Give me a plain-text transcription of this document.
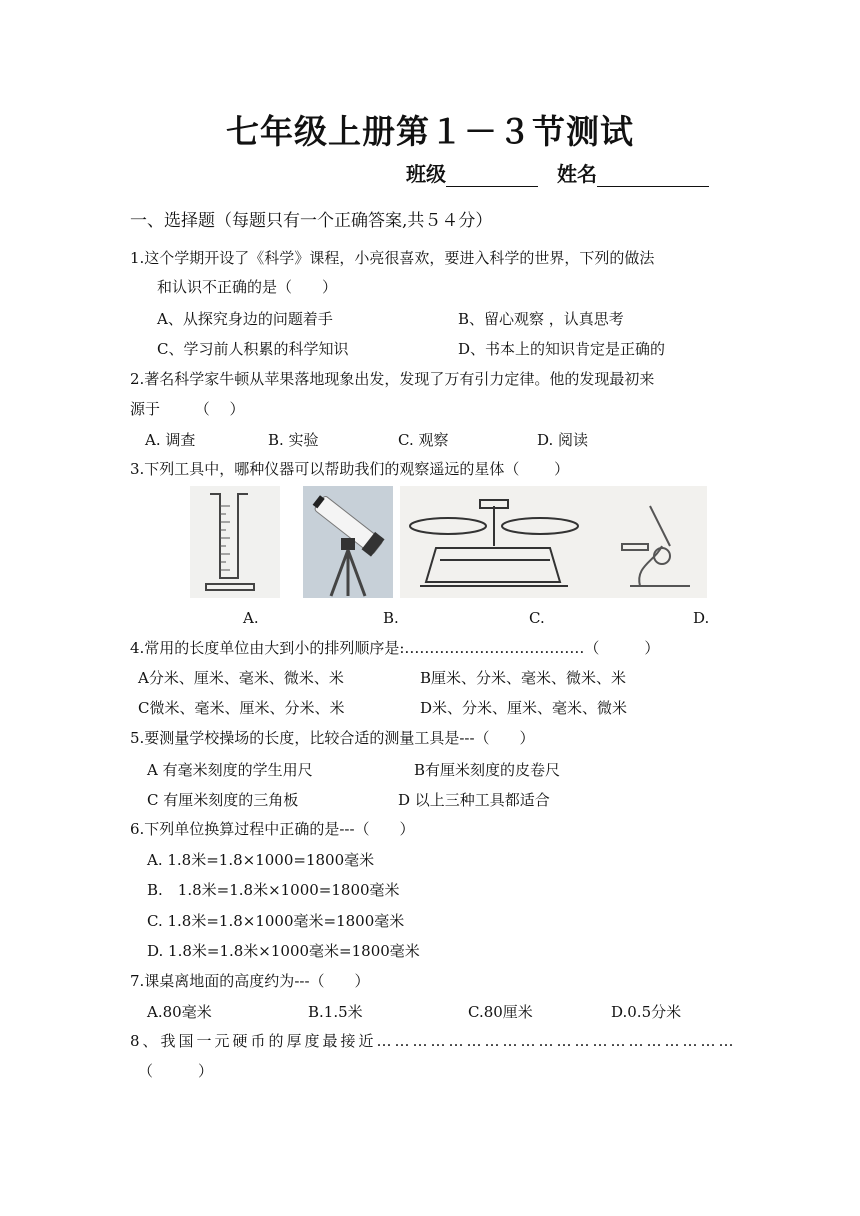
七年级上册第１－３节测试
班级	姓名
一、选择题（每题只有一个正确答案,共５４分）
1.这个学期开设了《科学》课程，小亮很喜欢，要进入科学的世界，下列的做法
和认识不正确的是（　　）
A、从探究身边的问题着手	B、留心观察 ，认真思考
C、学习前人积累的科学知识	D、书本上的知识肯定是正确的
2.著名科学家牛顿从苹果落地现象出发，发现了万有引力定律。他的发现最初来
源于　　 （　 ）
A. 调查	B. 实验	C. 观察	D. 阅读
3.下列工具中，哪种仪器可以帮助我们的观察遥远的星体（　　 ）
A.	B.	C.	D.
4.常用的长度单位由大到小的排列顺序是:………………………………（　　　）
A分米、厘米、毫米、微米、米	B厘米、分米、毫米、微米、米
C微米、毫米、厘米、分米、米	D米、分米、厘米、毫米、微米
5.要测量学校操场的长度，比较合适的测量工具是---（　　）
A 有毫米刻度的学生用尺	B有厘米刻度的皮卷尺
C 有厘米刻度的三角板	D 以上三种工具都适合
6.下列单位换算过程中正确的是---（　　）
A. 1.8米=1.8×1000=1800毫米
B.　1.8米=1.8米×1000=1800毫米
C. 1.8米=1.8×1000毫米=1800毫米
D. 1.8米=1.8米×1000毫米=1800毫米
7.课桌离地面的高度约为---（　　）
A.80毫米	B.1.5米	C.80厘米	D.0.5分米
8、我国一元硬币的厚度最接近……………………………………………………
（　　　）
